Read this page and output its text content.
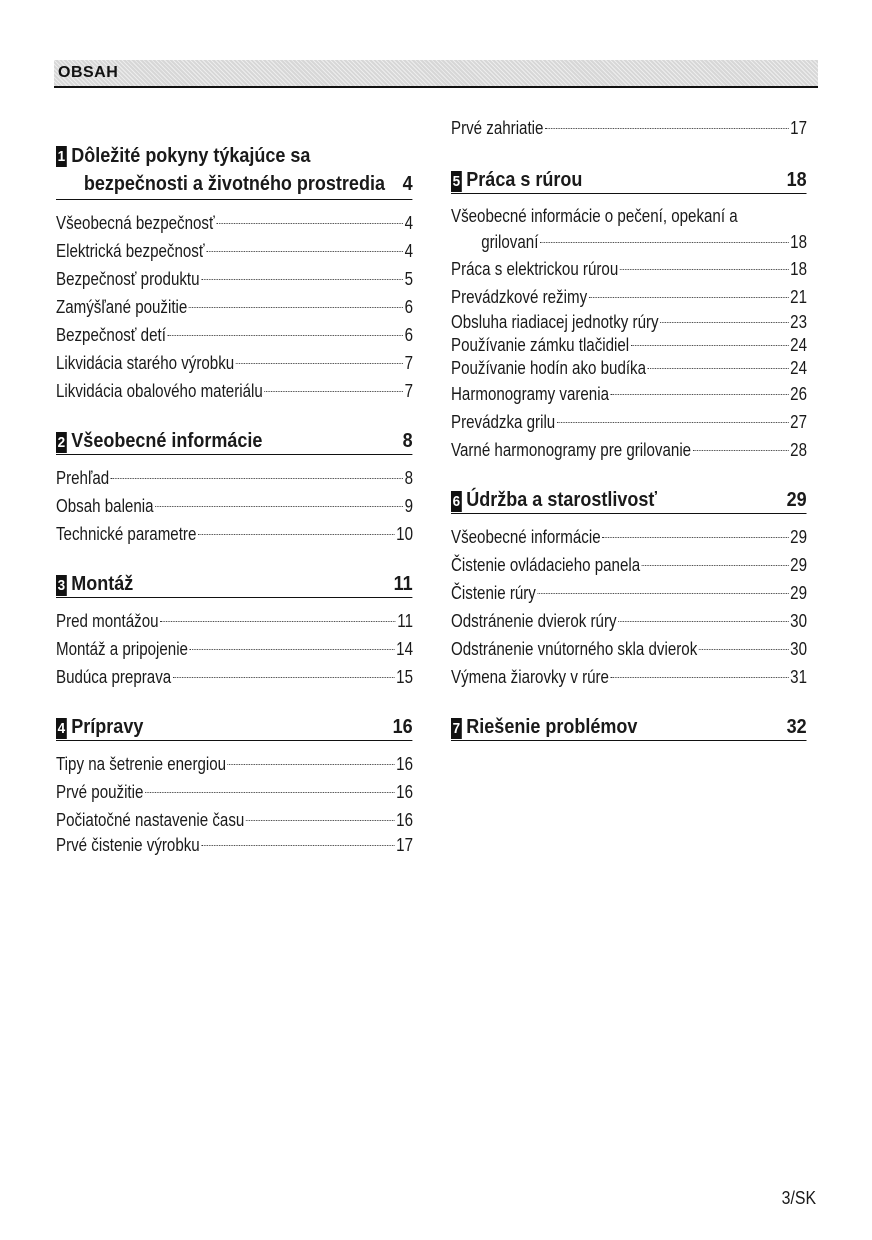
OBSAH
1 Dôležité pokyny týkajúce sa
bezpečnosti a životného prostredia 4
Všeobecná bezpečnosť	4
Elektrická bezpečnosť	4
Bezpečnosť produktu	5
Zamýšľané použitie	6
Bezpečnosť detí	6
Likvidácia starého výrobku	7
Likvidácia obalového materiálu	7
2 Všeobecné informácie	8
Prehľad	8
Obsah balenia	9
Technické parametre	10
3 Montáž	11
Pred montážou	11
Montáž a pripojenie	14
Budúca preprava	15
4 Prípravy	16
Tipy na šetrenie energiou	16
Prvé použitie	16
Počiatočné nastavenie času	16
Prvé čistenie výrobku	17
Prvé zahriatie	17
5 Práca s rúrou	18
Všeobecné informácie o pečení, opekaní a
grilovaní	18
Práca s elektrickou rúrou	18
Prevádzkové režimy	21
Obsluha riadiacej jednotky rúry	23
Používanie zámku tlačidiel	24
Používanie hodín ako budíka	24
Harmonogramy varenia	26
Prevádzka grilu	27
Varné harmonogramy pre grilovanie	28
6 Údržba a starostlivosť	29
Všeobecné informácie	29
Čistenie ovládacieho panela	29
Čistenie rúry	29
Odstránenie dvierok rúry	30
Odstránenie vnútorného skla dvierok	30
Výmena žiarovky v rúre	31
7 Riešenie problémov	32
3/SK
